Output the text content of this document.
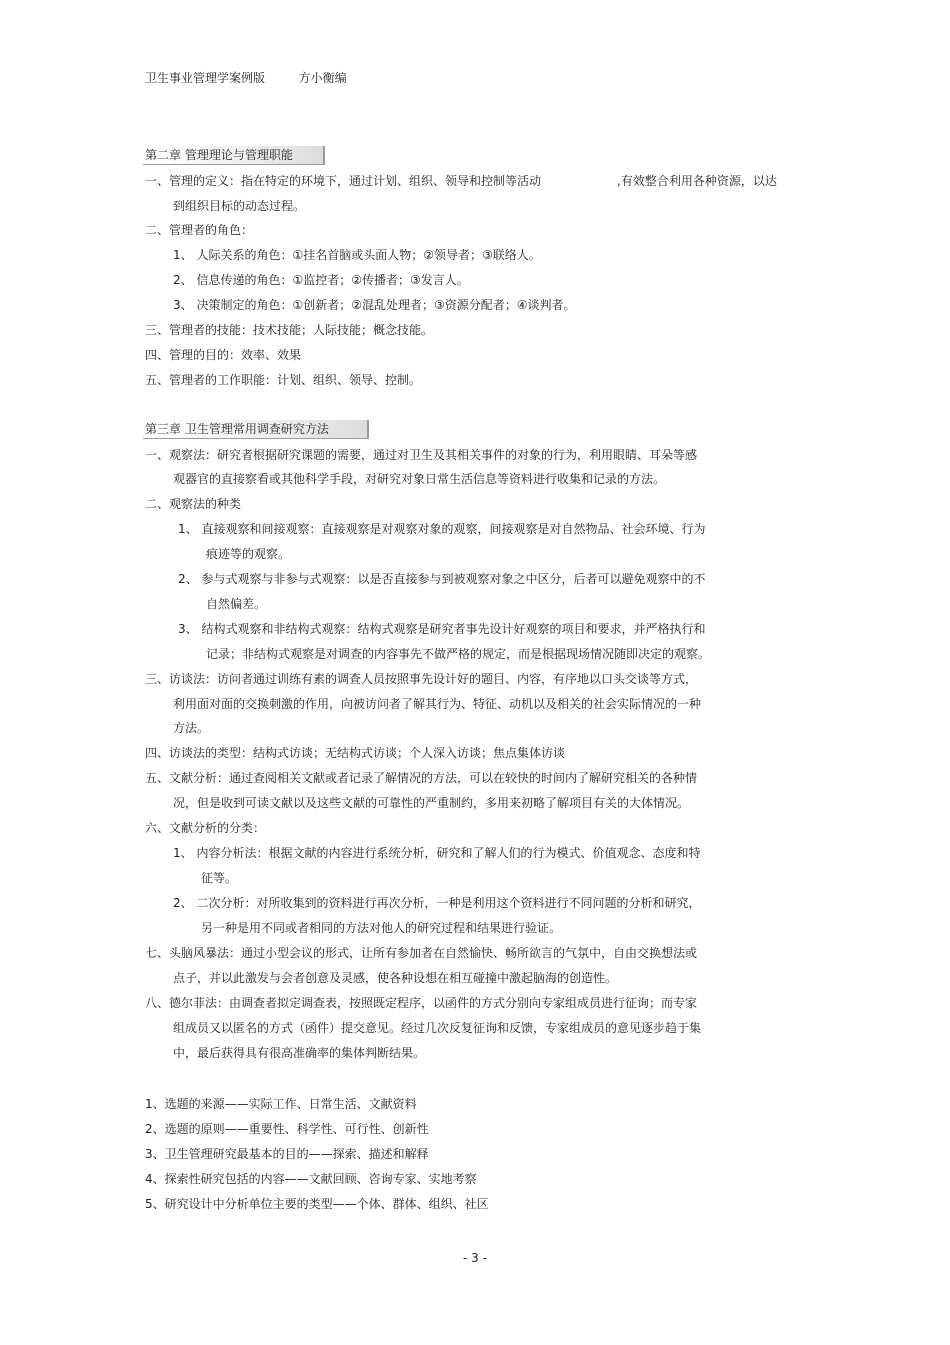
卫生事业管理学案例版	方小衡编
第二章 管理理论与管理职能
一、管理的定义：指在特定的环境下，通过计划、组织、领导和控制等活动	,有效整合利用各种资源，以达
到组织目标的动态过程。
二、管理者的角色：
1、 人际关系的角色：①挂名首脑或头面人物；②领导者；③联络人。
2、 信息传递的角色：①监控者；②传播者；③发言人。
3、 决策制定的角色：①创新者；②混乱处理者；③资源分配者；④谈判者。
三、管理者的技能：技术技能；人际技能；概念技能。
四、管理的目的：效率、效果
五、管理者的工作职能：计划、组织、领导、控制。
第三章 卫生管理常用调查研究方法
一、观察法：研究者根据研究课题的需要，通过对卫生及其相关事件的对象的行为，利用眼睛、耳朵等感
观器官的直接察看或其他科学手段，对研究对象日常生活信息等资料进行收集和记录的方法。
二、观察法的种类
1、 直接观察和间接观察：直接观察是对观察对象的观察，间接观察是对自然物品、社会环境、行为
痕迹等的观察。
2、 参与式观察与非参与式观察：以是否直接参与到被观察对象之中区分，后者可以避免观察中的不
自然偏差。
3、 结构式观察和非结构式观察：结构式观察是研究者事先设计好观察的项目和要求，并严格执行和
记录；非结构式观察是对调查的内容事先不做严格的规定，而是根据现场情况随即决定的观察。
三、访谈法：访问者通过训练有素的调查人员按照事先设计好的题目、内容，有序地以口头交谈等方式，
利用面对面的交换刺激的作用，向被访问者了解其行为、特征、动机以及相关的社会实际情况的一种
方法。
四、访谈法的类型：结构式访谈；无结构式访谈；个人深入访谈；焦点集体访谈
五、文献分析：通过查阅相关文献或者记录了解情况的方法，可以在较快的时间内了解研究相关的各种情
况，但是收到可读文献以及这些文献的可靠性的严重制约，多用来初略了解项目有关的大体情况。
六、文献分析的分类：
1、 内容分析法：根据文献的内容进行系统分析，研究和了解人们的行为模式、价值观念、态度和特
征等。
2、 二次分析：对所收集到的资料进行再次分析，一种是利用这个资料进行不同问题的分析和研究，
另一种是用不同或者相同的方法对他人的研究过程和结果进行验证。
七、头脑风暴法：通过小型会议的形式，让所有参加者在自然愉快、畅所欲言的气氛中，自由交换想法或
点子，并以此激发与会者创意及灵感，使各种设想在相互碰撞中激起脑海的创造性。
八、德尔菲法：由调查者拟定调查表，按照既定程序，以函件的方式分别向专家组成员进行征询；而专家
组成员又以匿名的方式（函件）提交意见。经过几次反复征询和反馈，专家组成员的意见逐步趋于集
中，最后获得具有很高准确率的集体判断结果。
1、选题的来源——实际工作、日常生活、文献资料
2、选题的原则——重要性、科学性、可行性、创新性
3、卫生管理研究最基本的目的——探索、描述和解释
4、探索性研究包括的内容——文献回顾、咨询专家、实地考察
5、研究设计中分析单位主要的类型——个体、群体、组织、社区
- 3 -
